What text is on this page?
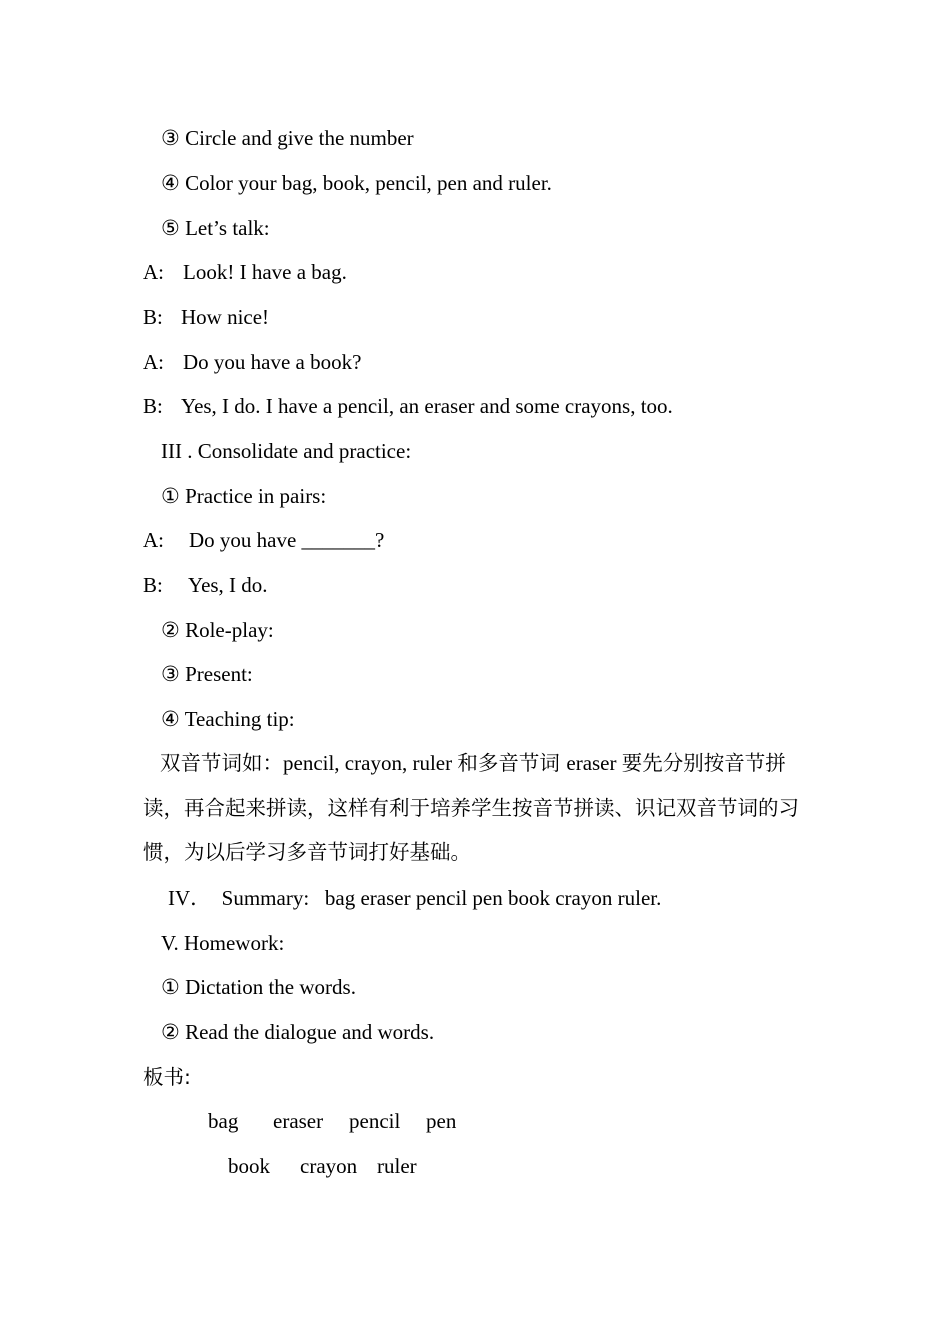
③ Circle and give the number
④ Color your bag, book, pencil, pen and ruler.
⑤ Let’s talk:
A: Look! I have a bag.
B: How nice!
A: Do you have a book?
B: Yes, I do. I have a pencil, an eraser and some crayons, too.
III . Consolidate and practice:
① Practice in pairs:
A: Do you have _______?
B: Yes, I do.
② Role-play:
③ Present:
④ Teaching tip:
双音节词如：pencil, crayon, ruler 和多音节词 eraser 要先分别按音节拼读，再合起来拼读，这样有利于培养学生按音节拼读、识记双音节词的习惯，为以后学习多音节词打好基础。
IV．  Summary:   bag eraser pencil pen book crayon ruler.
V. Homework:
① Dictation the words.
② Read the dialogue and words.
板书:
bag eraser pencil pen
book crayon ruler
